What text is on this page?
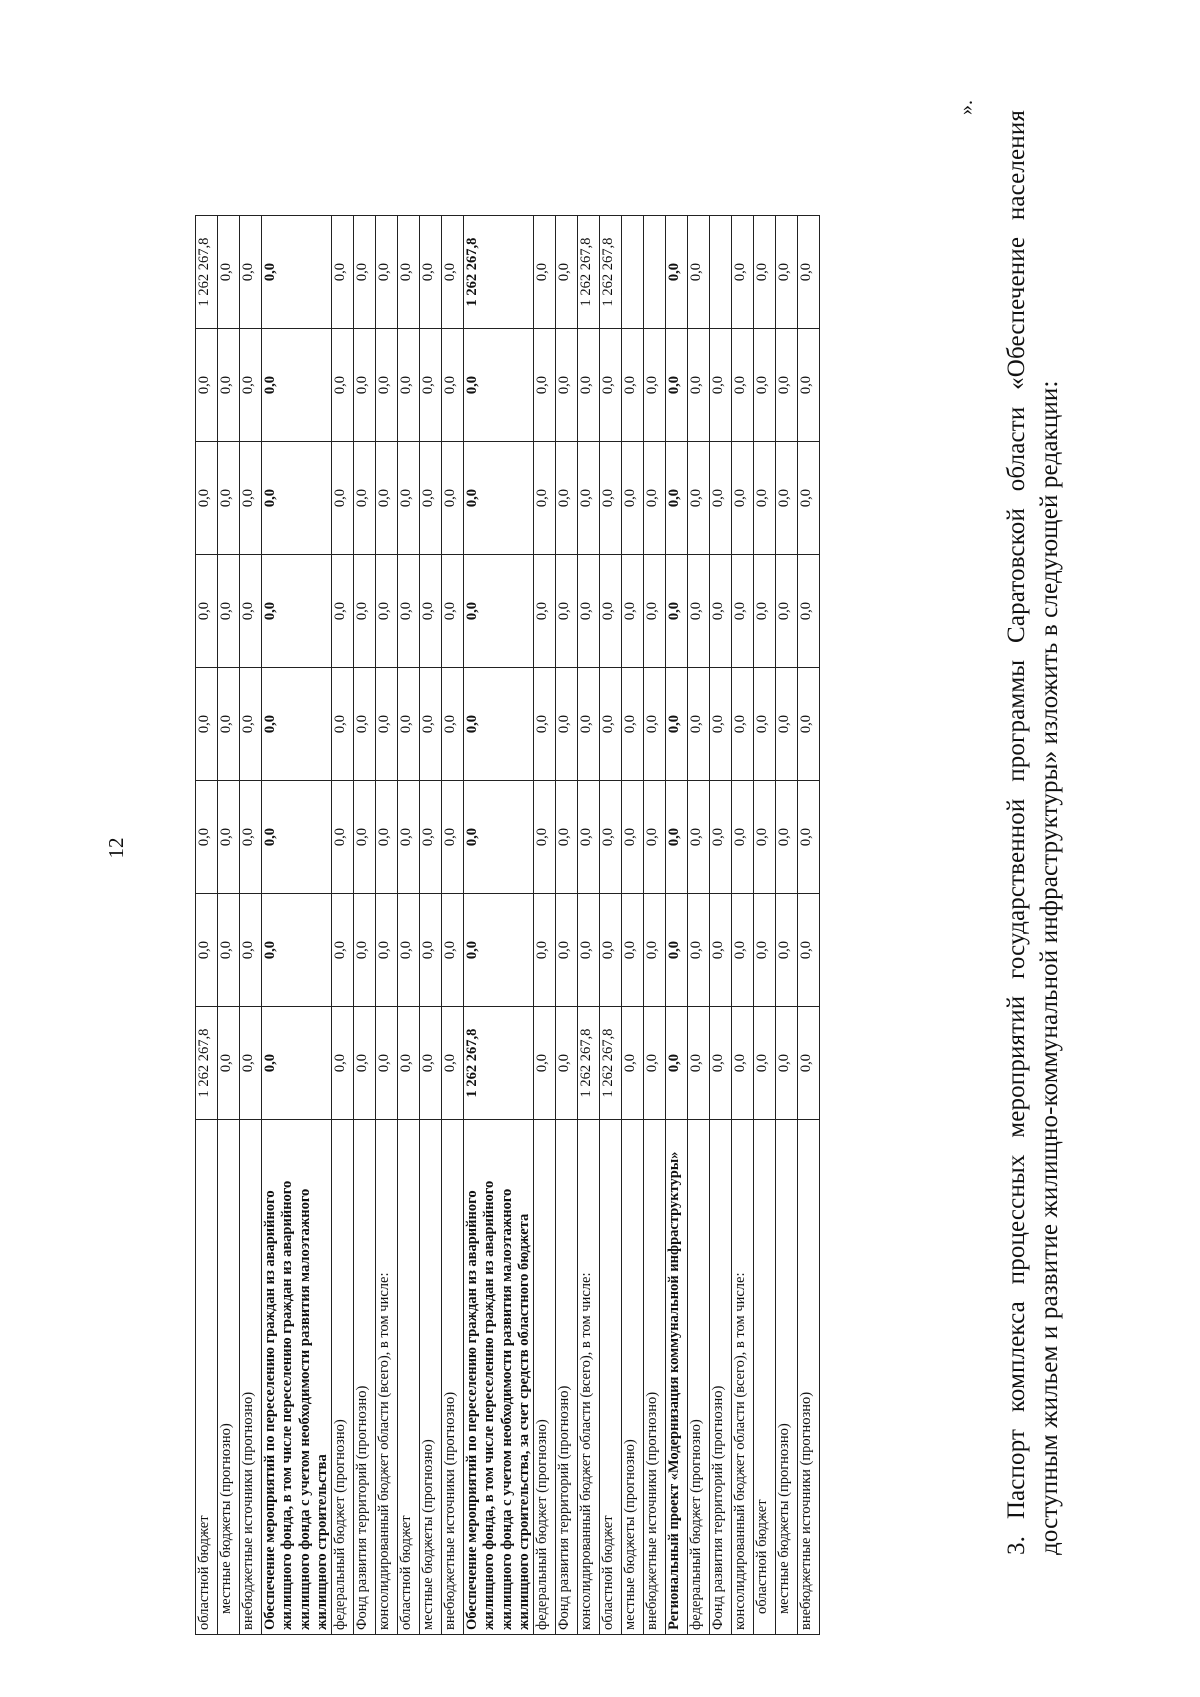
12
областной бюджет	1 262 267,8	0,0	0,0	0,0	0,0	0,0	0,0	1 262 267,8
местные бюджеты (прогнозно)	0,0	0,0	0,0	0,0	0,0	0,0	0,0	0,0
внебюджетные источники (прогнозно)	0,0	0,0	0,0	0,0	0,0	0,0	0,0	0,0
Обеспечение мероприятий по переселению граждан из аварийного жилищного фонда, в том числе переселению граждан из аварийного жилищного фонда с учетом необходимости развития малоэтажного жилищного строительства	0,0	0,0	0,0	0,0	0,0	0,0	0,0	0,0
федеральный бюджет (прогнозно)	0,0	0,0	0,0	0,0	0,0	0,0	0,0	0,0
Фонд развития территорий (прогнозно)	0,0	0,0	0,0	0,0	0,0	0,0	0,0	0,0
консолидированный бюджет области (всего), в том числе:	0,0	0,0	0,0	0,0	0,0	0,0	0,0	0,0
областной бюджет	0,0	0,0	0,0	0,0	0,0	0,0	0,0	0,0
местные бюджеты (прогнозно)	0,0	0,0	0,0	0,0	0,0	0,0	0,0	0,0
внебюджетные источники (прогнозно)	0,0	0,0	0,0	0,0	0,0	0,0	0,0	0,0
Обеспечение мероприятий по переселению граждан из аварийного жилищного фонда, в том числе переселению граждан из аварийного жилищного фонда с учетом необходимости развития малоэтажного жилищного строительства, за счет средств областного бюджета	1 262 267,8	0,0	0,0	0,0	0,0	0,0	0,0	1 262 267,8
федеральный бюджет (прогнозно)	0,0	0,0	0,0	0,0	0,0	0,0	0,0	0,0
Фонд развития территорий (прогнозно)	0,0	0,0	0,0	0,0	0,0	0,0	0,0	0,0
консолидированный бюджет области (всего), в том числе:	1 262 267,8	0,0	0,0	0,0	0,0	0,0	0,0	1 262 267,8
областной бюджет	1 262 267,8	0,0	0,0	0,0	0,0	0,0	0,0	1 262 267,8
местные бюджеты (прогнозно)	0,0	0,0	0,0	0,0	0,0	0,0	0,0	
внебюджетные источники (прогнозно)	0,0	0,0	0,0	0,0	0,0	0,0	0,0	
Региональный проект «Модернизация коммунальной инфраструктуры»	0,0	0,0	0,0	0,0	0,0	0,0	0,0	0,0
федеральный бюджет (прогнозно)	0,0	0,0	0,0	0,0	0,0	0,0	0,0	0,0
Фонд развития территорий (прогнозно)	0,0	0,0	0,0	0,0	0,0	0,0	0,0	
консолидированный бюджет области (всего), в том числе:	0,0	0,0	0,0	0,0	0,0	0,0	0,0	0,0
областной бюджет	0,0	0,0	0,0	0,0	0,0	0,0	0,0	0,0
местные бюджеты (прогнозно)	0,0	0,0	0,0	0,0	0,0	0,0	0,0	0,0
внебюджетные источники (прогнозно)	0,0	0,0	0,0	0,0	0,0	0,0	0,0	0,0
».
3. Паспорт комплекса процессных мероприятий государственной программы Саратовской области «Обеспечение населения доступным жильем и развитие жилищно-коммунальной инфраструктуры» изложить в следующей редакции:
